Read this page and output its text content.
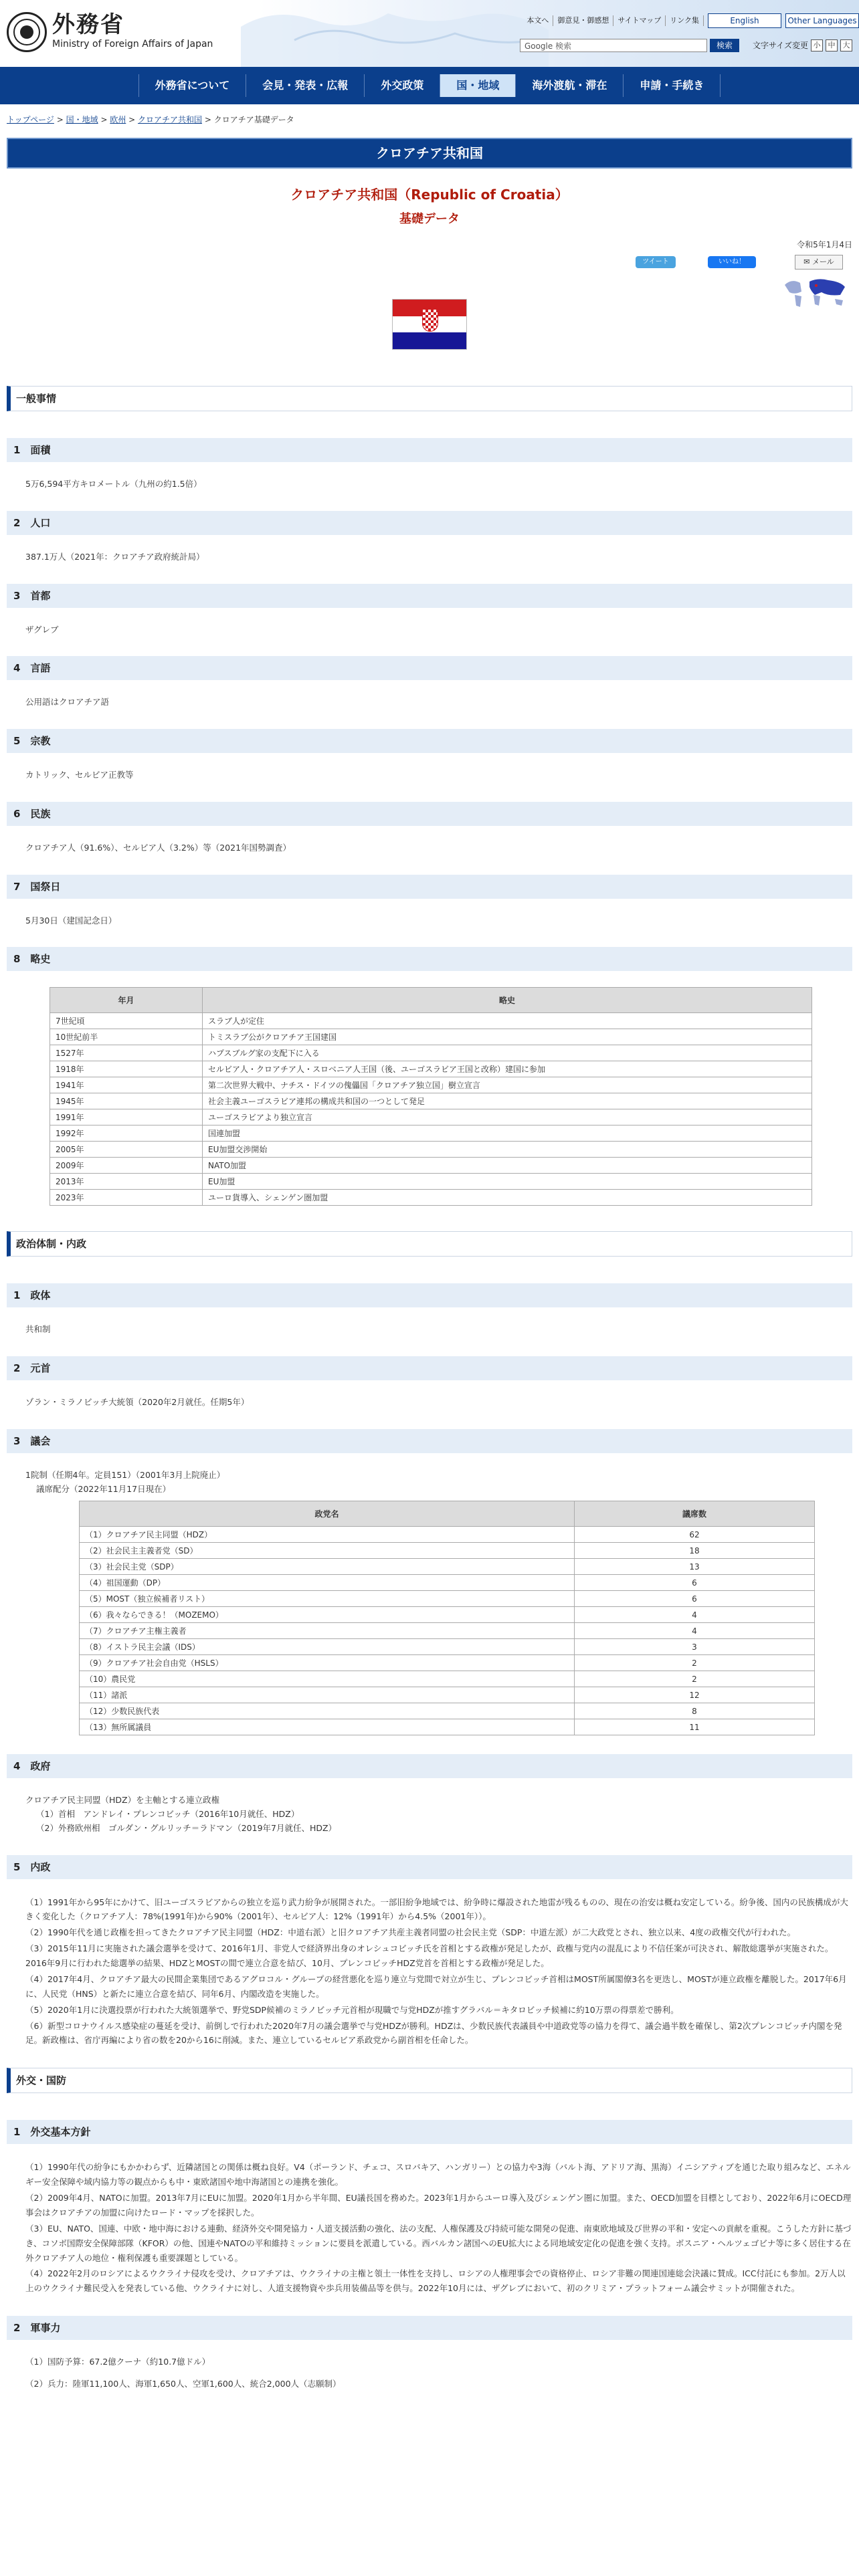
外務省
Ministry of Foreign Affairs of Japan
本文へ	御意見・御感想	サイトマップ	リンク集	English	Other Languages
Google 検索	検索	文字サイズ変更 小	中	大
外務省について	会見・発表・広報	外交政策	国・地域	海外渡航・滞在	申請・手続き
トップページ > 国・地域 > 欧州 > クロアチア共和国 > クロアチア基礎データ
クロアチア共和国
クロアチア共和国（Republic of Croatia）
基礎データ
令和5年1月4日
ツイート	いいね！	✉ メール
一般事情
1　面積

5万6,594平方キロメートル（九州の約1.5倍）

2　人口

387.1万人（2021年：クロアチア政府統計局）

3　首都

ザグレブ

4　言語

公用語はクロアチア語

5　宗教

カトリック、セルビア正教等

6　民族

クロアチア人（91.6%）、セルビア人（3.2%）等（2021年国勢調査）

7　国祭日

5月30日（建国記念日）

8　略史
年月	略史
7世紀頃	スラブ人が定住
10世紀前半	トミスラブ公がクロアチア王国建国
1527年	ハプスブルグ家の支配下に入る
1918年	セルビア人・クロアチア人・スロベニア人王国（後、ユーゴスラビア王国と改称）建国に参加
1941年	第二次世界大戦中、ナチス・ドイツの傀儡国「クロアチア独立国」樹立宣言
1945年	社会主義ユーゴスラビア連邦の構成共和国の一つとして発足
1991年	ユーゴスラビアより独立宣言
1992年	国連加盟
2005年	EU加盟交渉開始
2009年	NATO加盟
2013年	EU加盟
2023年	ユーロ貨導入、シェンゲン圏加盟
政治体制・内政
1　政体

共和制

2　元首

ゾラン・ミラノビッチ大統領（2020年2月就任。任期5年）

3　議会

1院制（任期4年。定員151）（2001年3月上院廃止）

議席配分（2022年11月17日現在）

政党名	議席数
（1）クロアチア民主同盟（HDZ）	62
（2）社会民主主義者党（SD）	18
（3）社会民主党（SDP）	13
（4）祖国運動（DP）	6
（5）MOST（独立候補者リスト）	6
（6）我々ならできる！（MOZEMO）	4
（7）クロアチア主権主義者	4
（8）イストラ民主会議（IDS）	3
（9）クロアチア社会自由党（HSLS）	2
（10）農民党	2
（11）諸派	12
（12）少数民族代表	8
（13）無所属議員	11
4　政府

クロアチア民主同盟（HDZ）を主軸とする連立政権

（1）首相　アンドレイ・プレンコビッチ（2016年10月就任、HDZ）

（2）外務欧州相　ゴルダン・グルリッチ＝ラドマン（2019年7月就任、HDZ）

5　内政

（1）1991年から95年にかけて、旧ユーゴスラビアからの独立を巡り武力紛争が展開された。一部旧紛争地域では、紛争時に爆設された地雷が残るものの、現在の治安は概ね安定している。紛争後、国内の民族構成が大きく変化した（クロアチア人：78%(1991年)から90%（2001年）、セルビア人：12%（1991年）から4.5%（2001年））。

（2）1990年代を通じ政権を担ってきたクロアチア民主同盟（HDZ：中道右派）と旧クロアチア共産主義者同盟の社会民主党（SDP：中道左派）が二大政党とされ、独立以来、4度の政権交代が行われた。

（3）2015年11月に実施された議会選挙を受けて、2016年1月、非党人で経済界出身のオレシュコビッチ氏を首相とする政権が発足したが、政権与党内の混乱により不信任案が可決され、解散総選挙が実施された。2016年9月に行われた総選挙の結果、HDZとMOSTの間で連立合意を結び、10月、プレンコビッチHDZ党首を首相とする政権が発足した。

（4）2017年4月、クロアチア最大の民間企業集団であるアグロコル・グループの経営悪化を巡り連立与党間で対立が生じ、プレンコビッチ首相はMOST所属閣僚3名を更迭し、MOSTが連立政権を離脱した。2017年6月に、人民党（HNS）と新たに連立合意を結び、同年6月、内閣改造を実施した。

（5）2020年1月に決選投票が行われた大統領選挙で、野党SDP候補のミラノビッチ元首相が現職で与党HDZが推すグラバル＝キタロビッチ候補に約10万票の得票差で勝利。

（6）新型コロナウイルス感染症の蔓延を受け、前倒しで行われた2020年7月の議会選挙で与党HDZが勝利。HDZは、少数民族代表議員や中道政党等の協力を得て、議会過半数を確保し、第2次プレンコビッチ内閣を発足。新政権は、省庁再編により省の数を20から16に削減。また、連立しているセルビア系政党から副首相を任命した。

外交・国防
1　外交基本方針

（1）1990年代の紛争にもかかわらず、近隣諸国との関係は概ね良好。V4（ポーランド、チェコ、スロバキア、ハンガリー）との協力や3海（バルト海、アドリア海、黒海）イニシアティブを通じた取り組みなど、エネルギー安全保障や域内協力等の観点からも中・東欧諸国や地中海諸国との連携を強化。

（2）2009年4月、NATOに加盟。2013年7月にEUに加盟。2020年1月から半年間、EU議長国を務めた。2023年1月からユーロ導入及びシェンゲン圏に加盟。また、OECD加盟を目標としており、2022年6月にOECD理事会はクロアチアの加盟に向けたロード・マップを採択した。

（3）EU、NATO、国連、中欧・地中海における連動、経済外交や開発協力・人道支援活動の強化、法の支配、人権保護及び持続可能な開発の促進、南東欧地域及び世界の平和・安定への貢献を重視。こうした方針に基づき、コソボ国際安全保障部隊（KFOR）の他、国連やNATOの平和維持ミッションに要員を派遣している。西バルカン諸国へのEU拡大による同地域安定化の促進を強く支持。ボスニア・ヘルツェゴビナ等に多く居住する在外クロアチア人の地位・権利保護も重要課題としている。

（4）2022年2月のロシアによるウクライナ侵攻を受け、クロアチアは、ウクライナの主権と領土一体性を支持し、ロシアの人権理事会での資格停止、ロシア非難の関連国連総会決議に賛成。ICC付託にも参加。2万人以上のウクライナ難民受入を発表している他、ウクライナに対し、人道支援物資や歩兵用装備品等を供与。2022年10月には、ザグレブにおいて、初のクリミア・プラットフォーム議会サミットが開催された。

2　軍事力

（1）国防予算：67.2億クーナ（約10.7億ドル）

（2）兵力：陸軍11,100人、海軍1,650人、空軍1,600人、統合2,000人（志願制）
